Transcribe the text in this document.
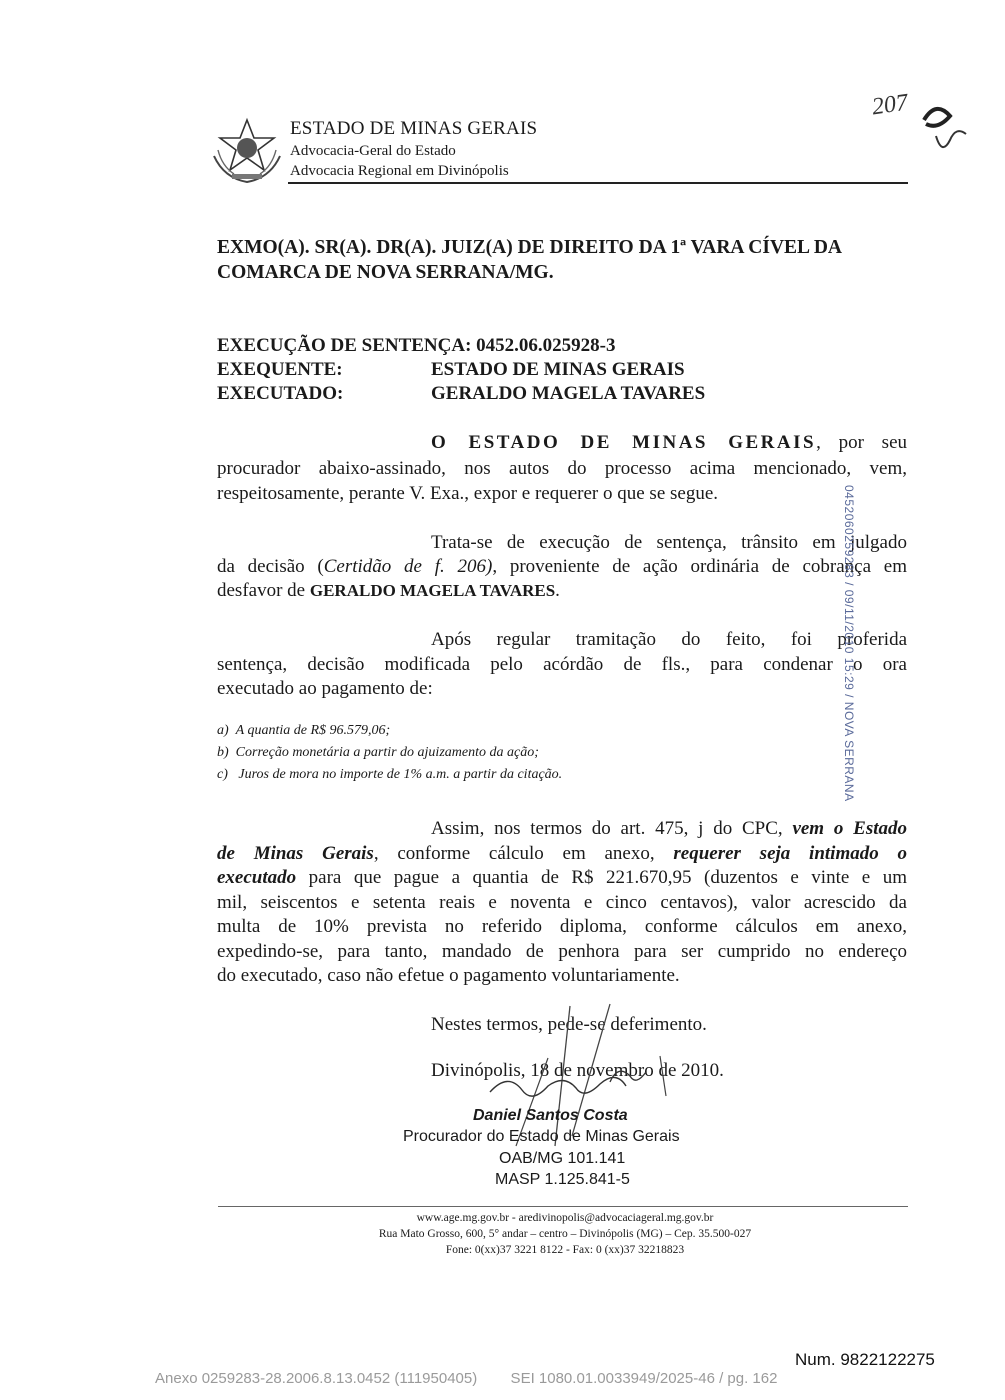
ESTADO DE MINAS GERAIS
Advocacia-Geral do Estado
Advocacia Regional em Divinópolis
207
EXMO(A). SR(A). DR(A). JUIZ(A) DE DIREITO DA 1ª VARA CÍVEL DA
COMARCA DE NOVA SERRANA/MG.
EXECUÇÃO DE SENTENÇA: 0452.06.025928-3
EXEQUENTE:	ESTADO DE MINAS GERAIS
EXECUTADO:	GERALDO MAGELA TAVARES
O ESTADO DE MINAS GERAIS, por seu
procurador abaixo-assinado, nos autos do processo acima mencionado, vem,
respeitosamente, perante V. Exa., expor e requerer o que se segue.
Trata-se de execução de sentença, trânsito em julgado
da decisão (Certidão de f. 206), proveniente de ação ordinária de cobrança em
desfavor de GERALDO MAGELA TAVARES.
Após regular tramitação do feito, foi proferida
sentença, decisão modificada pelo acórdão de fls., para condenar o ora
executado ao pagamento de:
a) A quantia de R$ 96.579,06;
b) Correção monetária a partir do ajuizamento da ação;
c) Juros de mora no importe de 1% a.m. a partir da citação.
Assim, nos termos do art. 475, j do CPC, vem o Estado
de Minas Gerais, conforme cálculo em anexo, requerer seja intimado o
executado para que pague a quantia de R$ 221.670,95 (duzentos e vinte e um
mil, seiscentos e setenta reais e noventa e cinco centavos), valor acrescido da
multa de 10% prevista no referido diploma, conforme cálculos em anexo,
expedindo-se, para tanto, mandado de penhora para ser cumprido no endereço
do executado, caso não efetue o pagamento voluntariamente.
Nestes termos, pede-se deferimento.
Divinópolis, 18 de novembro de 2010.
Daniel Santos Costa
Procurador do Estado de Minas Gerais
OAB/MG 101.141
MASP 1.125.841-5
www.age.mg.gov.br - aredivinopolis@advocaciageral.mg.gov.br
Rua Mato Grosso, 600, 5° andar – centro – Divinópolis (MG) – Cep. 35.500-027
Fone: 0(xx)37 3221 8122 - Fax: 0 (xx)37 32218823
0452060259283 / 09/11/2010 15:29 / NOVA SERRANA
Num. 9822122275
Anexo 0259283-28.2006.8.13.0452 (111950405)        SEI 1080.01.0033949/2025-46 / pg. 162
